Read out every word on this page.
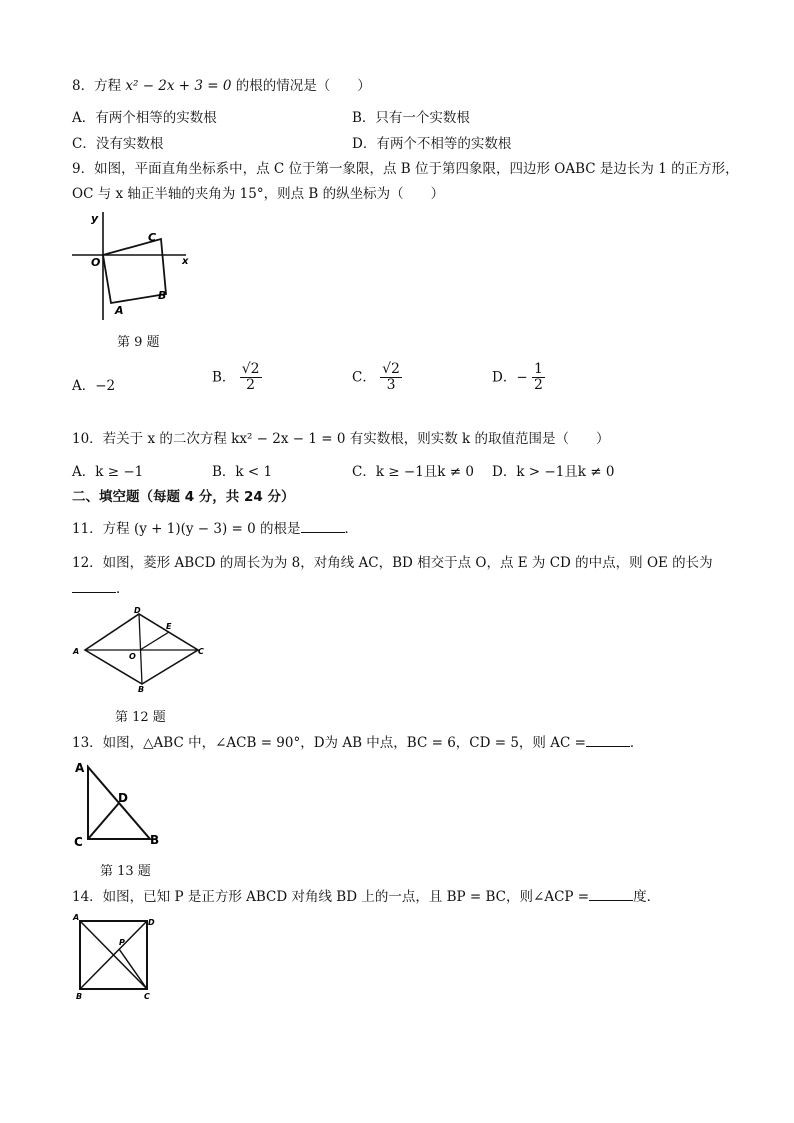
8．方程 x² − 2x + 3 = 0 的根的情况是（　　）
A．有两个相等的实数根	B．只有一个实数根
C．没有实数根	D．有两个不相等的实数根
9．如图，平面直角坐标系中，点 C 位于第一象限，点 B 位于第四象限，四边形 OABC 是边长为 1 的正方形，
OC 与 x 轴正半轴的夹角为 15°，则点 B 的纵坐标为（　　）
y
x
O
C
B
A
第 9 题
A．−2
B． $\frac{√2}{2}$	C． $\frac{√2}{3}$	D．− $\frac{1}{2}$
10．若关于 x 的二次方程 kx² − 2x − 1 = 0 有实数根，则实数 k 的取值范围是（　　）
A．k ≥ −1	B．k < 1	C．k ≥ −1且k ≠ 0 D．k > −1且k ≠ 0
二、填空题（每题 4 分，共 24 分）
11．方程 (y + 1)(y − 3) = 0 的根是	．
12．如图，菱形 ABCD 的周长为为 8，对角线 AC，BD 相交于点 O，点 E 为 CD 的中点，则 OE 的长为
．
A
D
E
O
C
B
第 12 题
13．如图，△ABC 中，∠ACB = 90°，D为 AB 中点，BC = 6，CD = 5，则 AC =	．
A
D
C	B
第 13 题
14．如图，已知 P 是正方形 ABCD 对角线 BD 上的一点，且 BP = BC，则∠ACP =	度．
A
D
P
B	C
